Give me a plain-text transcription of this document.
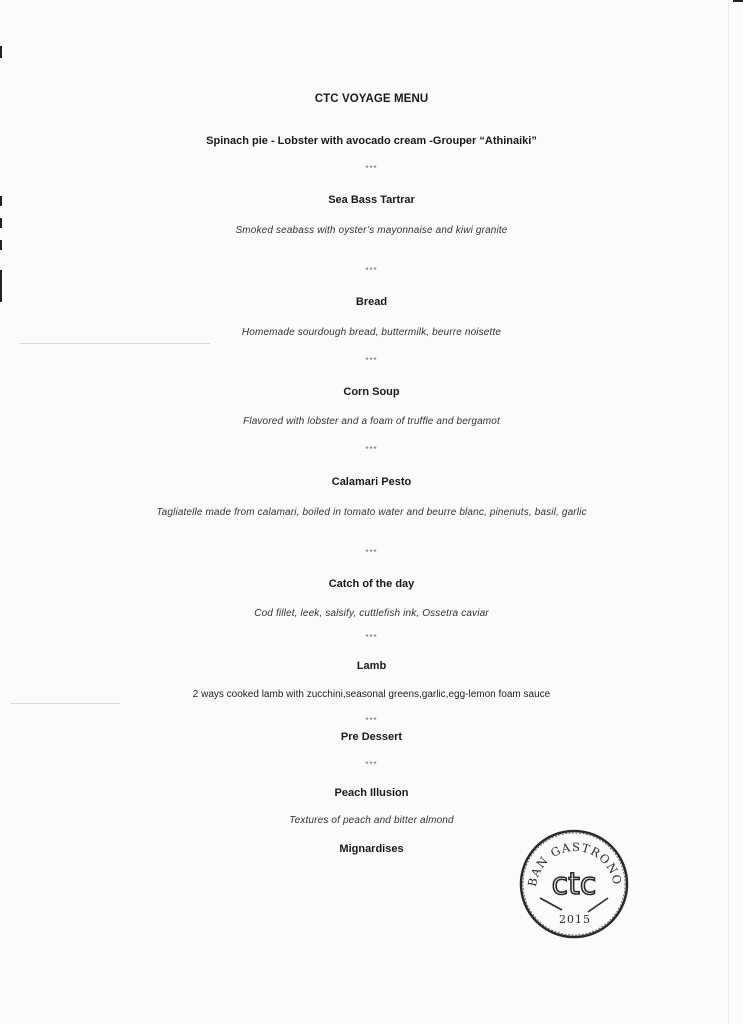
CTC VOYAGE MENU
Spinach pie - Lobster with avocado cream -Grouper “Athinaiki”
***
Sea Bass Tartrar
Smoked seabass with oyster’s mayonnaise and kiwi granite
***
Bread
Homemade sourdough bread, buttermilk, beurre noisette
***
Corn Soup
Flavored with lobster and a foam of truffle and bergamot
***
Calamari Pesto
Tagliatelle made from calamari, boiled in tomato water and beurre blanc, pinenuts, basil, garlic
***
Catch of the day
Cod fillet, leek, salsify, cuttlefish ink, Ossetra caviar
***
Lamb
2 ways cooked lamb with zucchini,seasonal greens,garlic,egg-lemon foam sauce
***
Pre Dessert
***
Peach Illusion
Textures of peach and bitter almond
Mignardises
BAN GASTRONO
ctc
2015
